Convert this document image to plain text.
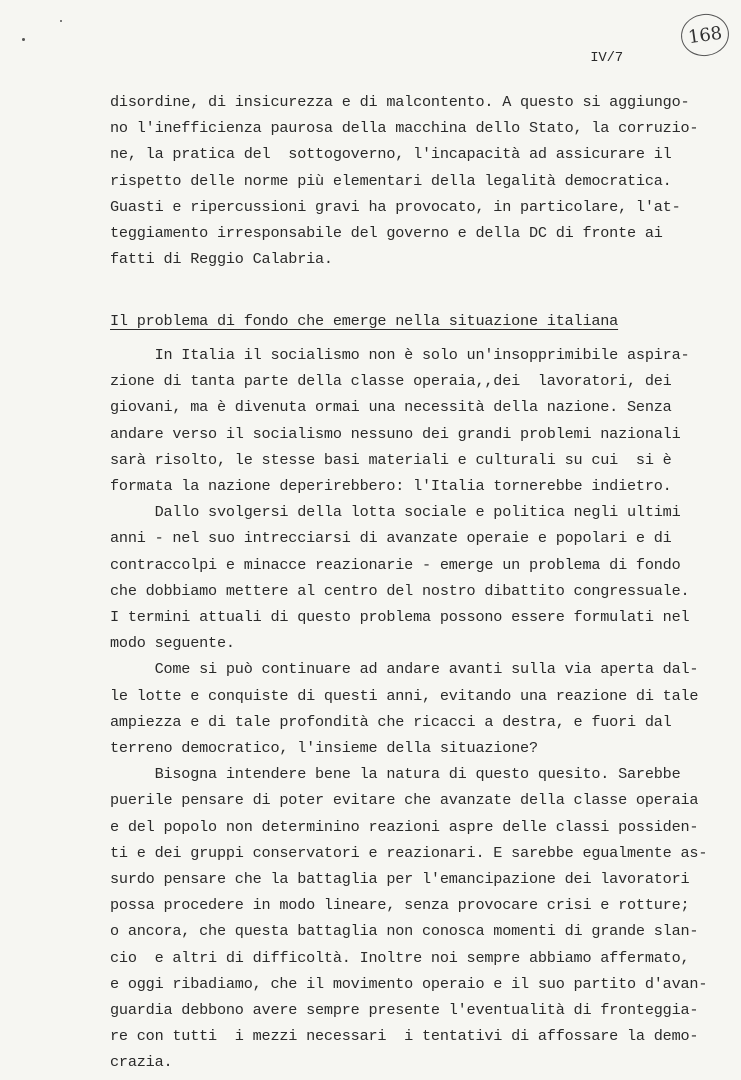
168
IV/7
disordine, di insicurezza e di malcontento. A questo si aggiungo-
no l'inefficienza paurosa della macchina dello Stato, la corruzio-
ne, la pratica del  sottogoverno, l'incapacità ad assicurare il
rispetto delle norme più elementari della legalità democratica.
Guasti e ripercussioni gravi ha provocato, in particolare, l'at-
teggiamento irresponsabile del governo e della DC di fronte ai
fatti di Reggio Calabria.
Il problema di fondo che emerge nella situazione italiana
In Italia il socialismo non è solo un'insopprimibile aspira-
zione di tanta parte della classe operaia,,dei  lavoratori, dei
giovani, ma è divenuta ormai una necessità della nazione. Senza
andare verso il socialismo nessuno dei grandi problemi nazionali
sarà risolto, le stesse basi materiali e culturali su cui  si è
formata la nazione deperirebbero: l'Italia tornerebbe indietro.
Dallo svolgersi della lotta sociale e politica negli ultimi
anni - nel suo intrecciarsi di avanzate operaie e popolari e di
contraccolpi e minacce reazionarie - emerge un problema di fondo
che dobbiamo mettere al centro del nostro dibattito congressuale.
I termini attuali di questo problema possono essere formulati nel
modo seguente.
Come si può continuare ad andare avanti sulla via aperta dal-
le lotte e conquiste di questi anni, evitando una reazione di tale
ampiezza e di tale profondità che ricacci a destra, e fuori dal
terreno democratico, l'insieme della situazione?
Bisogna intendere bene la natura di questo quesito. Sarebbe
puerile pensare di poter evitare che avanzate della classe operaia
e del popolo non determinino reazioni aspre delle classi possiden-
ti e dei gruppi conservatori e reazionari. E sarebbe egualmente as-
surdo pensare che la battaglia per l'emancipazione dei lavoratori
possa procedere in modo lineare, senza provocare crisi e rotture;
o ancora, che questa battaglia non conosca momenti di grande slan-
cio  e altri di difficoltà. Inoltre noi sempre abbiamo affermato,
e oggi ribadiamo, che il movimento operaio e il suo partito d'avan-
guardia debbono avere sempre presente l'eventualità di fronteggia-
re con tutti  i mezzi necessari  i tentativi di affossare la demo-
crazia.
